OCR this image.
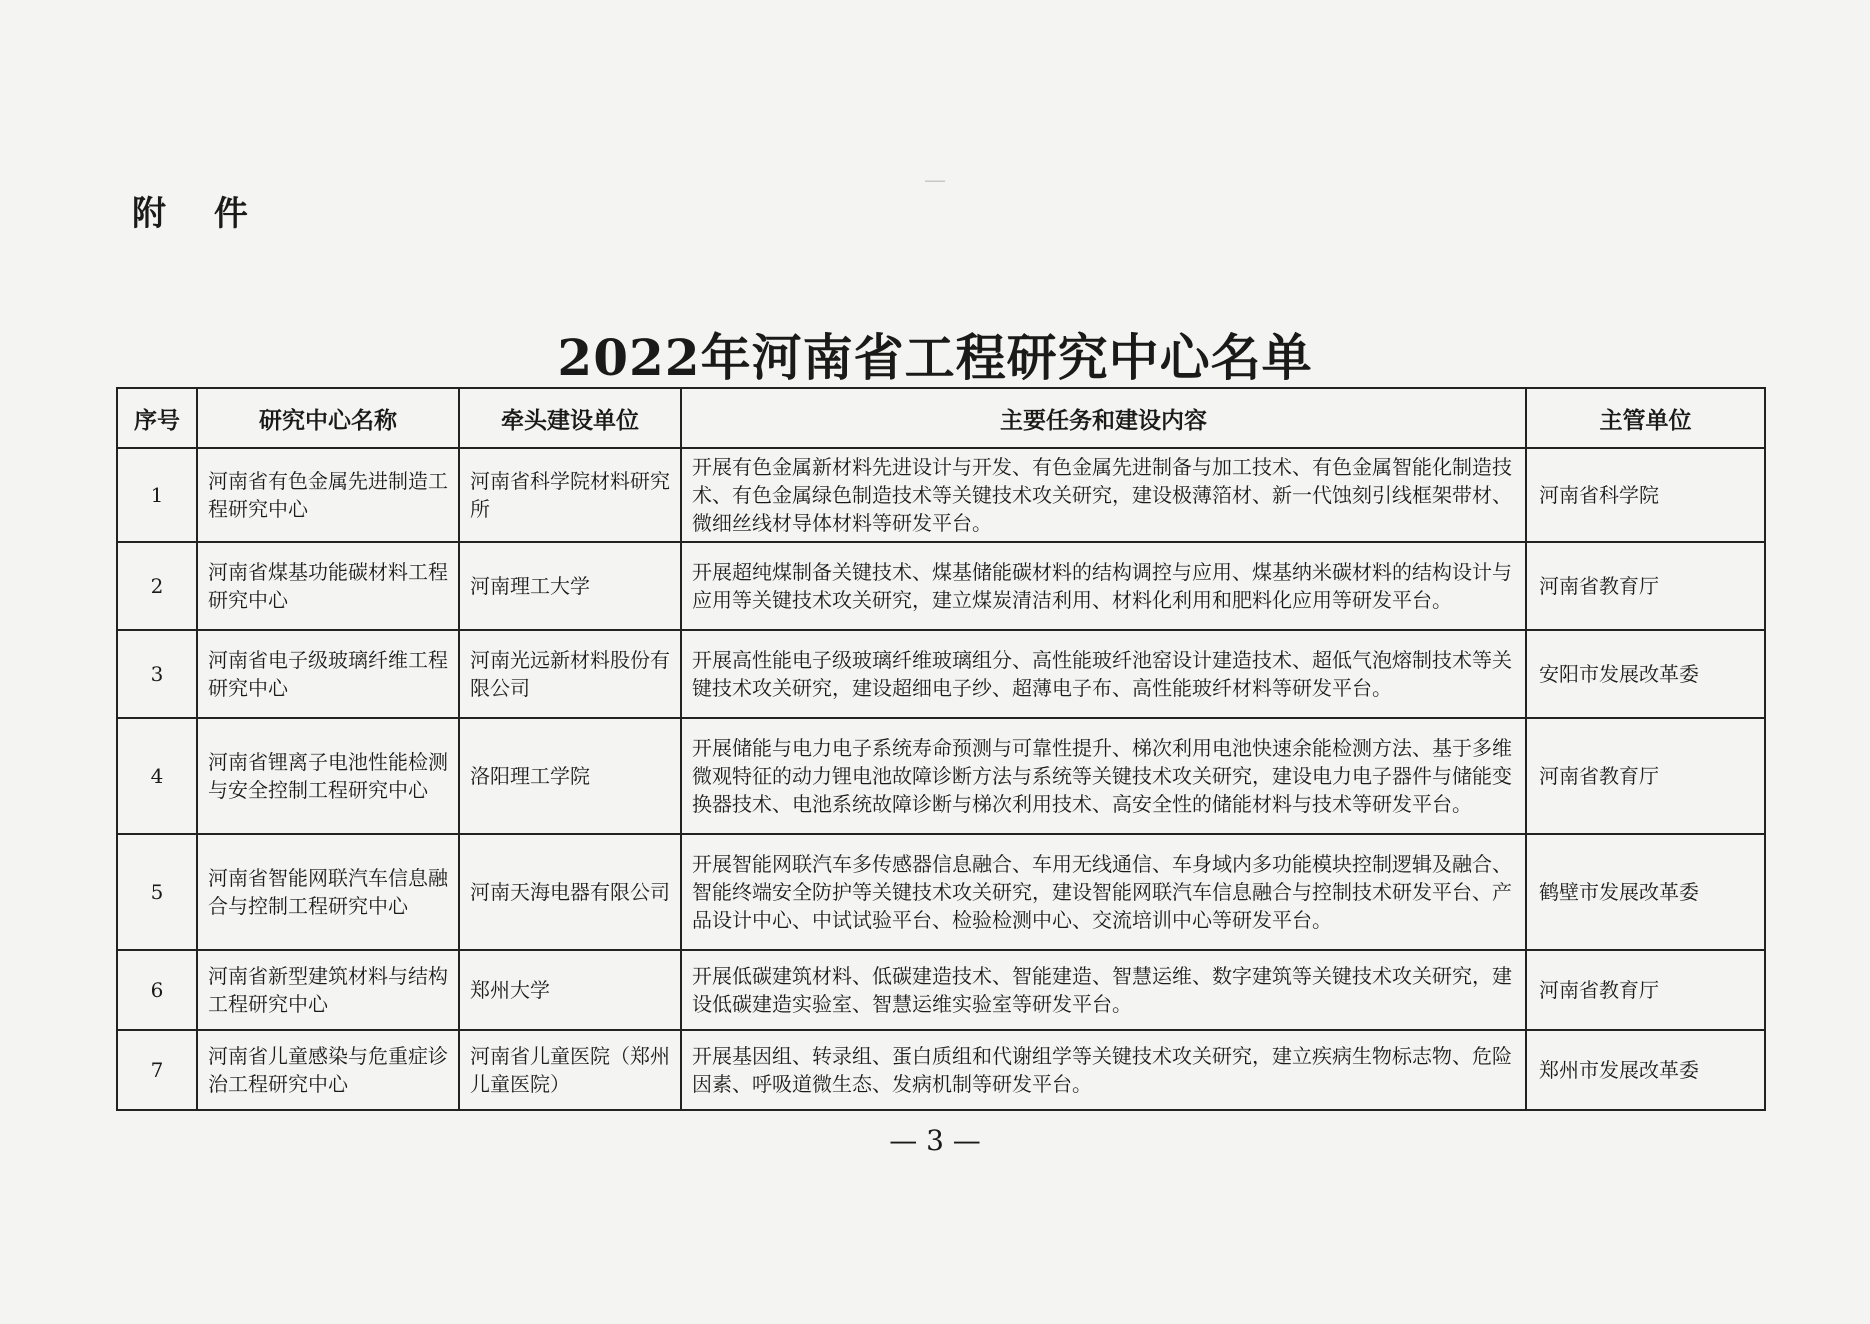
—
附 件
2022年河南省工程研究中心名单
序号	研究中心名称	牵头建设单位	主要任务和建设内容	主管单位
1	河南省有色金属先进制造工程研究中心	河南省科学院材料研究所	开展有色金属新材料先进设计与开发、有色金属先进制备与加工技术、有色金属智能化制造技术、有色金属绿色制造技术等关键技术攻关研究，建设极薄箔材、新一代蚀刻引线框架带材、微细丝线材导体材料等研发平台。	河南省科学院
2	河南省煤基功能碳材料工程研究中心	河南理工大学	开展超纯煤制备关键技术、煤基储能碳材料的结构调控与应用、煤基纳米碳材料的结构设计与应用等关键技术攻关研究，建立煤炭清洁利用、材料化利用和肥料化应用等研发平台。	河南省教育厅
3	河南省电子级玻璃纤维工程研究中心	河南光远新材料股份有限公司	开展高性能电子级玻璃纤维玻璃组分、高性能玻纤池窑设计建造技术、超低气泡熔制技术等关键技术攻关研究，建设超细电子纱、超薄电子布、高性能玻纤材料等研发平台。	安阳市发展改革委
4	河南省锂离子电池性能检测与安全控制工程研究中心	洛阳理工学院	开展储能与电力电子系统寿命预测与可靠性提升、梯次利用电池快速余能检测方法、基于多维微观特征的动力锂电池故障诊断方法与系统等关键技术攻关研究，建设电力电子器件与储能变换器技术、电池系统故障诊断与梯次利用技术、高安全性的储能材料与技术等研发平台。	河南省教育厅
5	河南省智能网联汽车信息融合与控制工程研究中心	河南天海电器有限公司	开展智能网联汽车多传感器信息融合、车用无线通信、车身域内多功能模块控制逻辑及融合、智能终端安全防护等关键技术攻关研究，建设智能网联汽车信息融合与控制技术研发平台、产品设计中心、中试试验平台、检验检测中心、交流培训中心等研发平台。	鹤壁市发展改革委
6	河南省新型建筑材料与结构工程研究中心	郑州大学	开展低碳建筑材料、低碳建造技术、智能建造、智慧运维、数字建筑等关键技术攻关研究，建设低碳建造实验室、智慧运维实验室等研发平台。	河南省教育厅
7	河南省儿童感染与危重症诊治工程研究中心	河南省儿童医院（郑州儿童医院）	开展基因组、转录组、蛋白质组和代谢组学等关键技术攻关研究，建立疾病生物标志物、危险因素、呼吸道微生态、发病机制等研发平台。	郑州市发展改革委
— 3 —
